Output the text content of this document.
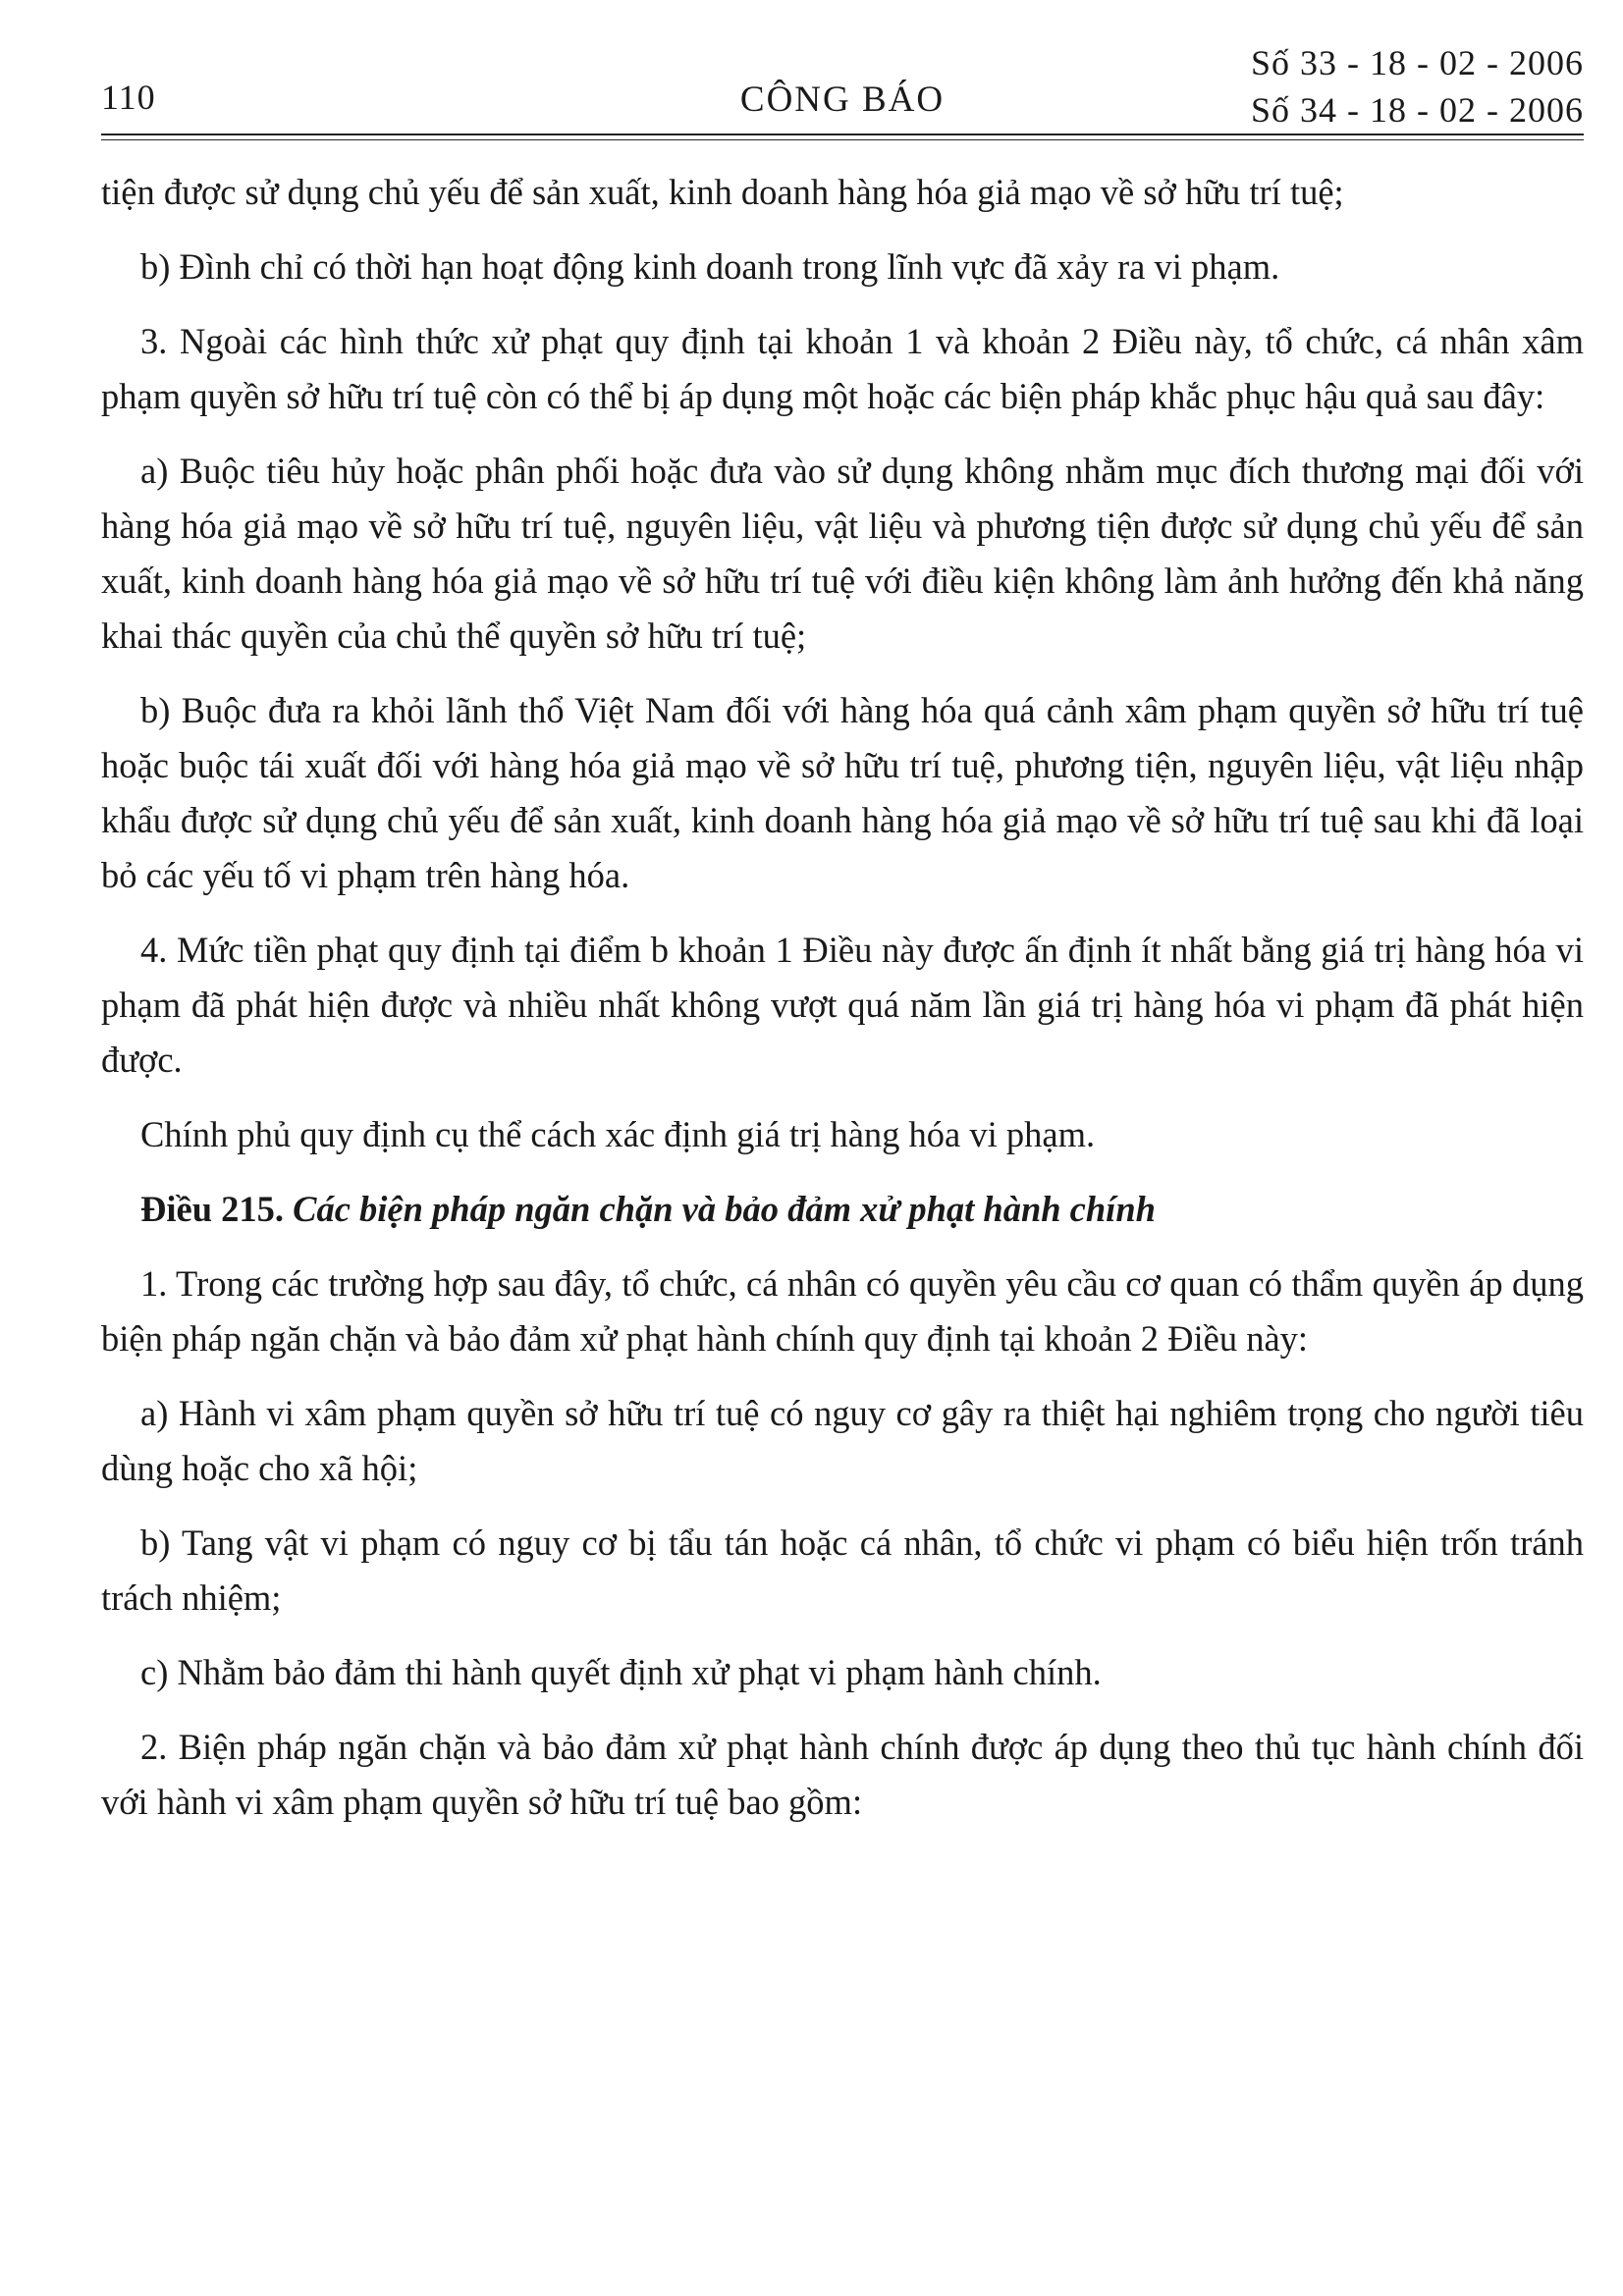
110	CÔNG BÁO
Số 33 - 18 - 02 - 2006
Số 34 - 18 - 02 - 2006

tiện được sử dụng chủ yếu để sản xuất, kinh doanh hàng hóa giả mạo về sở hữu trí tuệ;

b) Đình chỉ có thời hạn hoạt động kinh doanh trong lĩnh vực đã xảy ra vi phạm.

3. Ngoài các hình thức xử phạt quy định tại khoản 1 và khoản 2 Điều này, tổ chức, cá nhân xâm phạm quyền sở hữu trí tuệ còn có thể bị áp dụng một hoặc các biện pháp khắc phục hậu quả sau đây:

a) Buộc tiêu hủy hoặc phân phối hoặc đưa vào sử dụng không nhằm mục đích thương mại đối với hàng hóa giả mạo về sở hữu trí tuệ, nguyên liệu, vật liệu và phương tiện được sử dụng chủ yếu để sản xuất, kinh doanh hàng hóa giả mạo về sở hữu trí tuệ với điều kiện không làm ảnh hưởng đến khả năng khai thác quyền của chủ thể quyền sở hữu trí tuệ;

b) Buộc đưa ra khỏi lãnh thổ Việt Nam đối với hàng hóa quá cảnh xâm phạm quyền sở hữu trí tuệ hoặc buộc tái xuất đối với hàng hóa giả mạo về sở hữu trí tuệ, phương tiện, nguyên liệu, vật liệu nhập khẩu được sử dụng chủ yếu để sản xuất, kinh doanh hàng hóa giả mạo về sở hữu trí tuệ sau khi đã loại bỏ các yếu tố vi phạm trên hàng hóa.

4. Mức tiền phạt quy định tại điểm b khoản 1 Điều này được ấn định ít nhất bằng giá trị hàng hóa vi phạm đã phát hiện được và nhiều nhất không vượt quá năm lần giá trị hàng hóa vi phạm đã phát hiện được.

Chính phủ quy định cụ thể cách xác định giá trị hàng hóa vi phạm.

Điều 215. Các biện pháp ngăn chặn và bảo đảm xử phạt hành chính

1. Trong các trường hợp sau đây, tổ chức, cá nhân có quyền yêu cầu cơ quan có thẩm quyền áp dụng biện pháp ngăn chặn và bảo đảm xử phạt hành chính quy định tại khoản 2 Điều này:

a) Hành vi xâm phạm quyền sở hữu trí tuệ có nguy cơ gây ra thiệt hại nghiêm trọng cho người tiêu dùng hoặc cho xã hội;

b) Tang vật vi phạm có nguy cơ bị tẩu tán hoặc cá nhân, tổ chức vi phạm có biểu hiện trốn tránh trách nhiệm;

c) Nhằm bảo đảm thi hành quyết định xử phạt vi phạm hành chính.

2. Biện pháp ngăn chặn và bảo đảm xử phạt hành chính được áp dụng theo thủ tục hành chính đối với hành vi xâm phạm quyền sở hữu trí tuệ bao gồm:
